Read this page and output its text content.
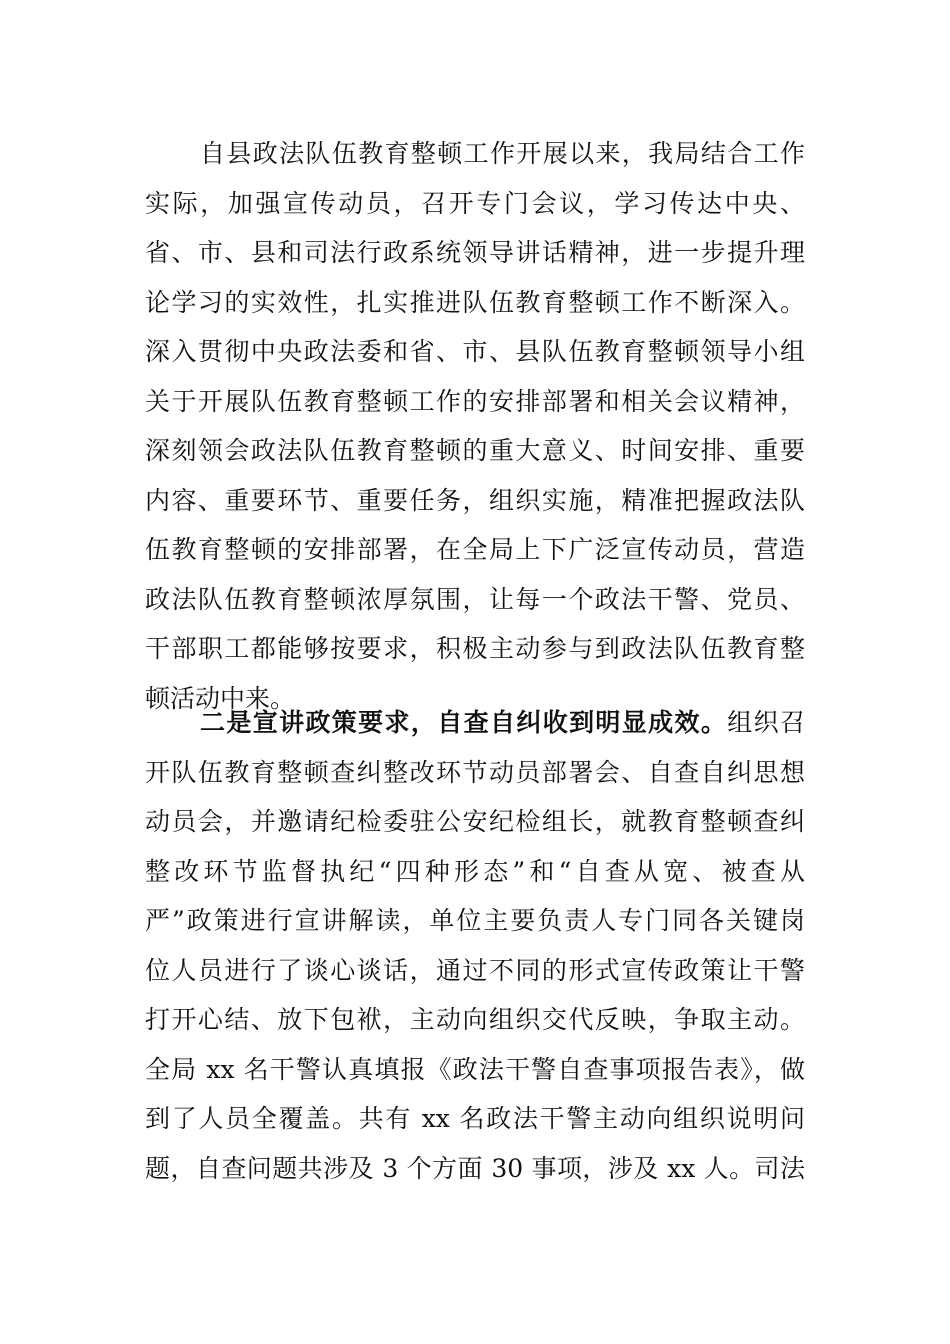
自县政法队伍教育整顿工作开展以来，我局结合工作
实际，加强宣传动员，召开专门会议，学习传达中央、
省、市、县和司法行政系统领导讲话精神，进一步提升理
论学习的实效性，扎实推进队伍教育整顿工作不断深入。
深入贯彻中央政法委和省、市、县队伍教育整顿领导小组
关于开展队伍教育整顿工作的安排部署和相关会议精神，
深刻领会政法队伍教育整顿的重大意义、时间安排、重要
内容、重要环节、重要任务，组织实施，精准把握政法队
伍教育整顿的安排部署，在全局上下广泛宣传动员，营造
政法队伍教育整顿浓厚氛围，让每一个政法干警、党员、
干部职工都能够按要求，积极主动参与到政法队伍教育整
顿活动中来。
二是宣讲政策要求，自查自纠收到明显成效。组织召
开队伍教育整顿查纠整改环节动员部署会、自查自纠思想
动员会，并邀请纪检委驻公安纪检组长，就教育整顿查纠
整改环节监督执纪“四种形态”和“自查从宽、被查从
严”政策进行宣讲解读，单位主要负责人专门同各关键岗
位人员进行了谈心谈话，通过不同的形式宣传政策让干警
打开心结、放下包袱，主动向组织交代反映，争取主动。
全局 xx 名干警认真填报《政法干警自查事项报告表》，做
到了人员全覆盖。共有 xx 名政法干警主动向组织说明问
题，自查问题共涉及 3 个方面 30 事项，涉及 xx 人。司法
